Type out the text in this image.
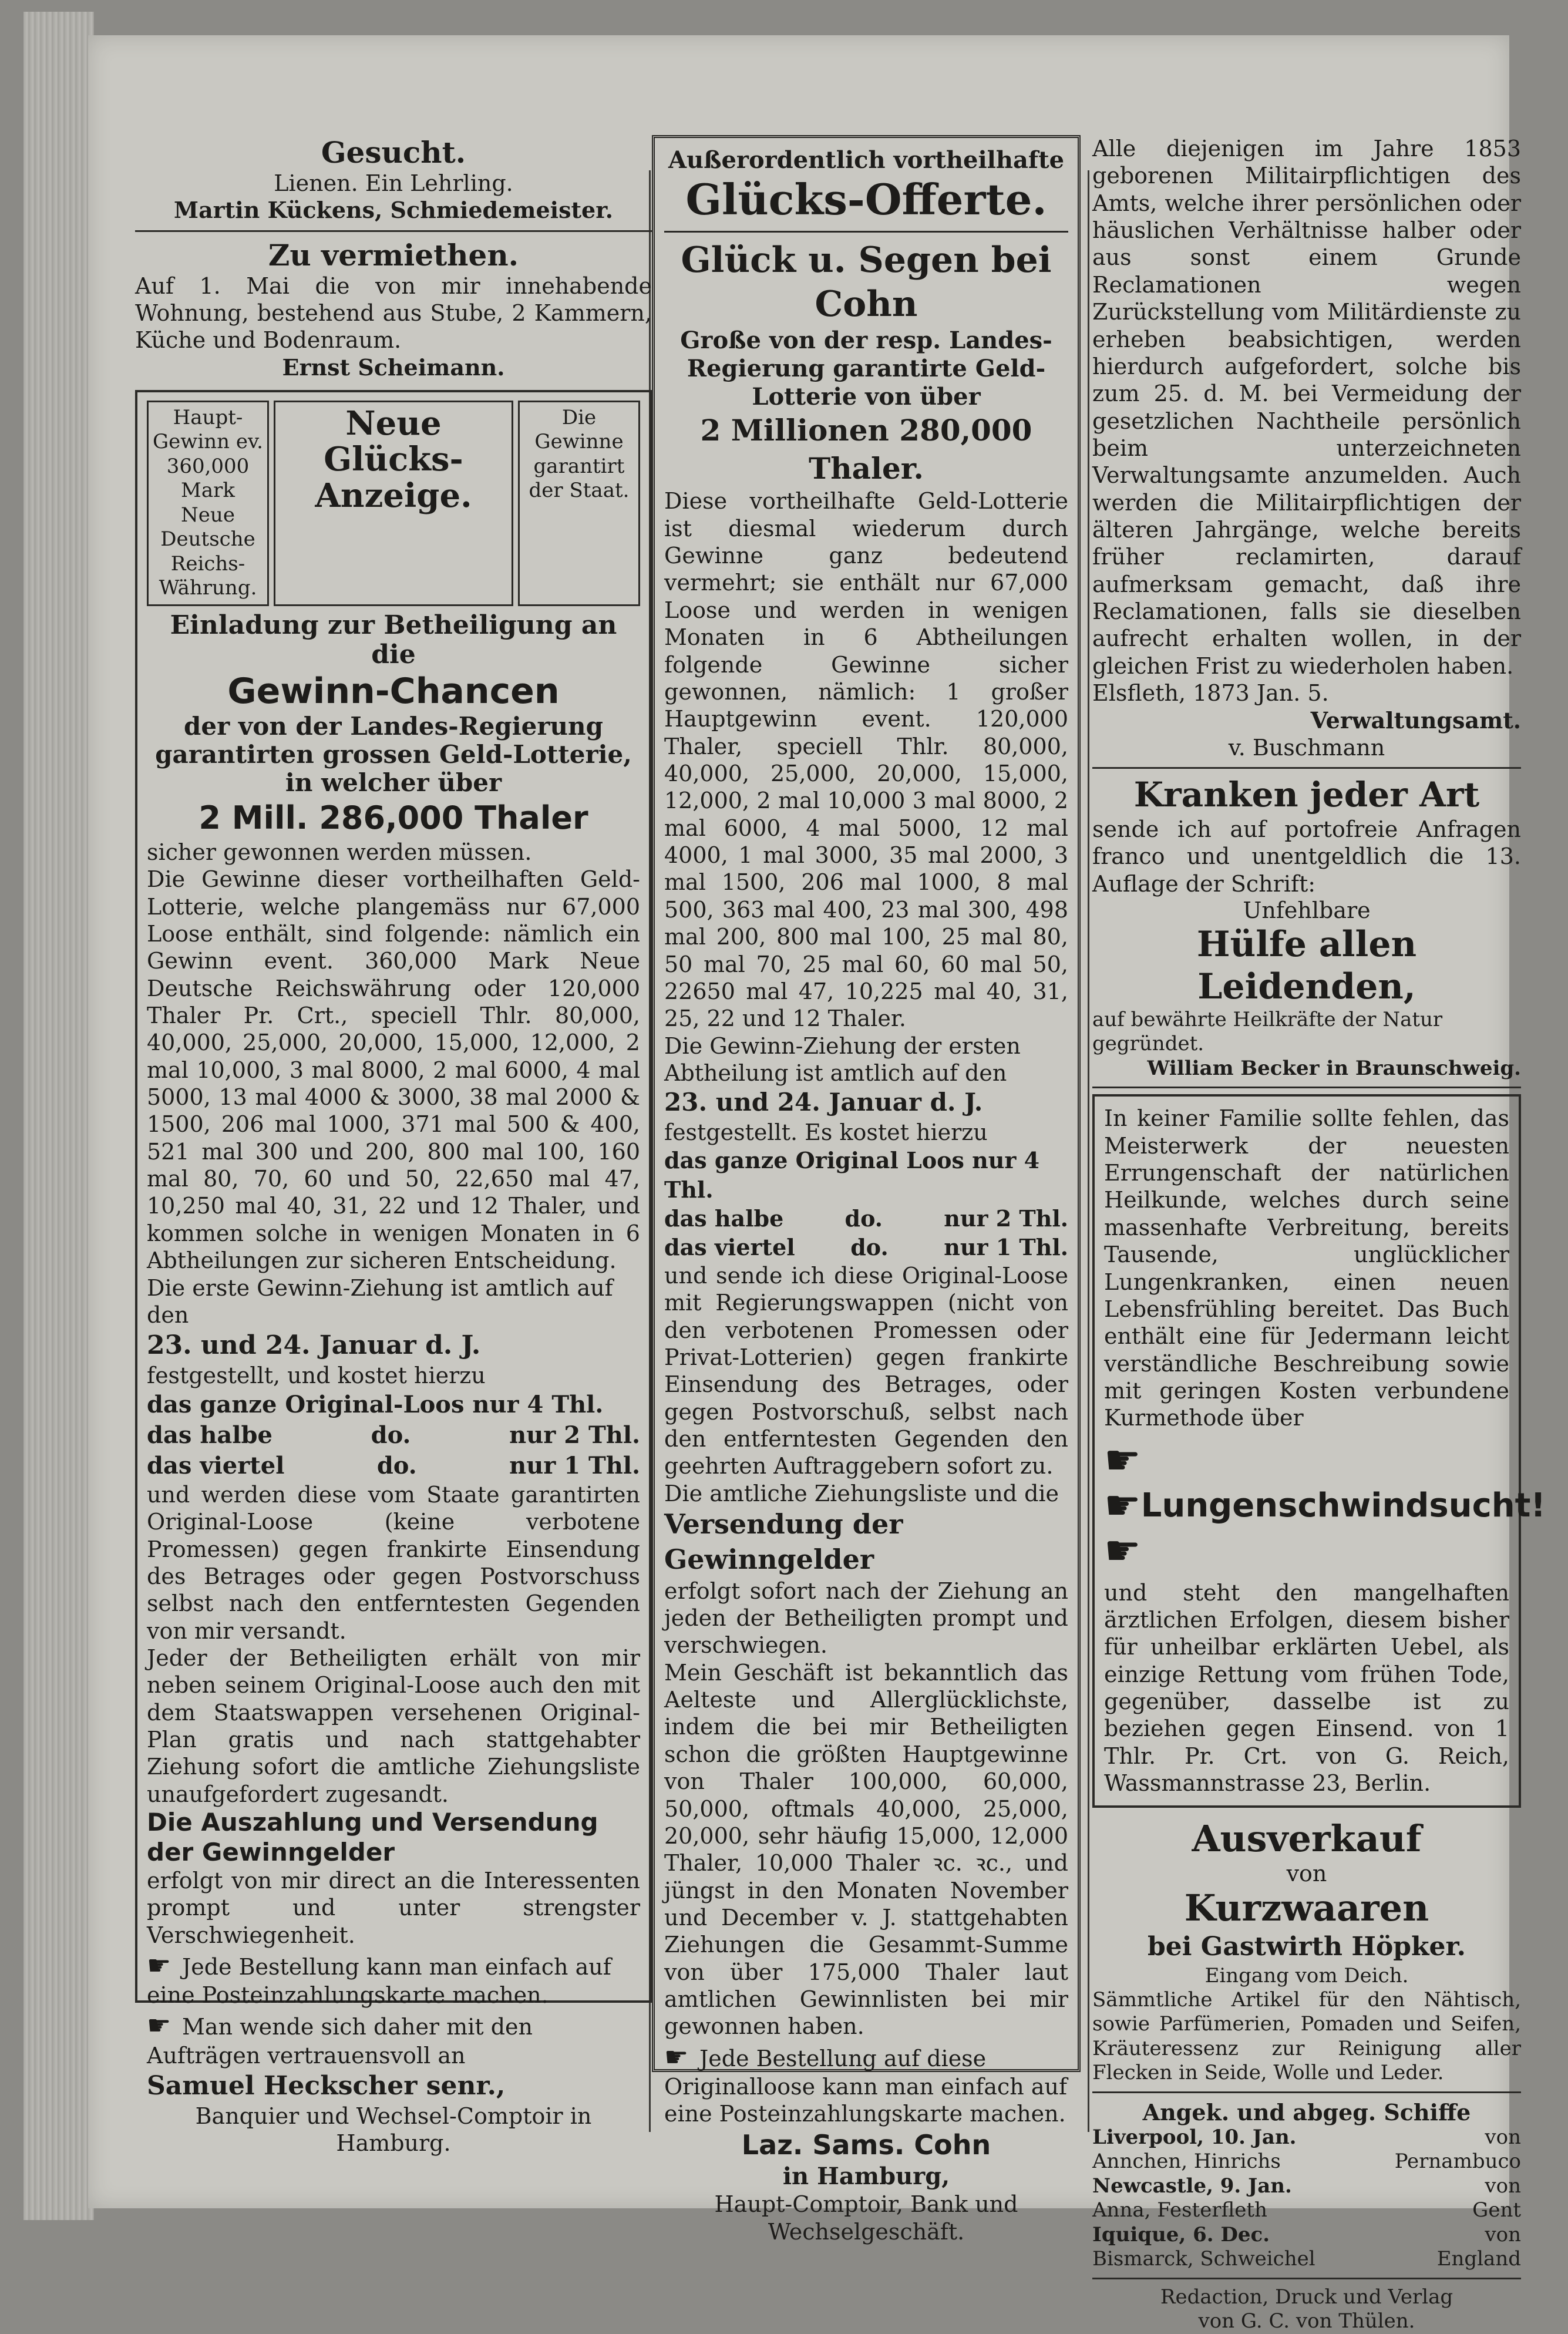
Gesucht.
Lienen. Ein Lehrling.
Martin Kückens, Schmiedemeister.
Zu vermiethen.
Auf 1. Mai die von mir innehabende Wohnung, bestehend aus Stube, 2 Kammern, Küche und Bodenraum.
Ernst Scheimann.
Haupt-Gewinn ev. 360,000 Mark Neue Deutsche Reichs-Währung.
Neue Glücks-Anzeige.
Die Gewinne garantirt der Staat.
Einladung zur Betheiligung an die
Gewinn-Chancen
der von der Landes-Regierung garantirten grossen Geld-Lotterie, in welcher über
2 Mill. 286,000 Thaler
sicher gewonnen werden müssen.
Die Gewinne dieser vortheilhaften Geld-Lotterie, welche plangemäss nur 67,000 Loose enthält, sind folgende: nämlich ein Gewinn event. 360,000 Mark Neue Deutsche Reichswährung oder 120,000 Thaler Pr. Crt., speciell Thlr. 80,000, 40,000, 25,000, 20,000, 15,000, 12,000, 2 mal 10,000, 3 mal 8000, 2 mal 6000, 4 mal 5000, 13 mal 4000 & 3000, 38 mal 2000 & 1500, 206 mal 1000, 371 mal 500 & 400, 521 mal 300 und 200, 800 mal 100, 160 mal 80, 70, 60 und 50, 22,650 mal 47, 10,250 mal 40, 31, 22 und 12 Thaler, und kommen solche in wenigen Monaten in 6 Abtheilungen zur sicheren Entscheidung.
Die erste Gewinn-Ziehung ist amtlich auf den
23. und 24. Januar d. J.
festgestellt, und kostet hierzu
das ganze Original-Loos nur 4 Thl.
das halbe	do.	nur 2 Thl.
das viertel	do.	nur 1 Thl.
und werden diese vom Staate garantirten Original-Loose (keine verbotene Promessen) gegen frankirte Einsendung des Betrages oder gegen Postvorschuss selbst nach den entferntesten Gegenden von mir versandt.
Jeder der Betheiligten erhält von mir neben seinem Original-Loose auch den mit dem Staatswappen versehenen Original-Plan gratis und nach stattgehabter Ziehung sofort die amtliche Ziehungsliste unaufgefordert zugesandt.
Die Auszahlung und Versendung der Gewinngelder
erfolgt von mir direct an die Interessenten prompt und unter strengster Verschwiegenheit.
☛ Jede Bestellung kann man einfach auf eine Posteinzahlungskarte machen.
☛ Man wende sich daher mit den Aufträgen vertrauensvoll an
Samuel Heckscher senr.,
Banquier und Wechsel-Comptoir in Hamburg.
Außerordentlich vortheilhafte
Glücks-Offerte.
Glück u. Segen bei Cohn
Große von der resp. Landes-Regierung garantirte Geld-Lotterie von über
2 Millionen 280,000 Thaler.
Diese vortheilhafte Geld-Lotterie ist diesmal wiederum durch Gewinne ganz bedeutend vermehrt; sie enthält nur 67,000 Loose und werden in wenigen Monaten in 6 Abtheilungen folgende Gewinne sicher gewonnen, nämlich: 1 großer Hauptgewinn event. 120,000 Thaler, speciell Thlr. 80,000, 40,000, 25,000, 20,000, 15,000, 12,000, 2 mal 10,000 3 mal 8000, 2 mal 6000, 4 mal 5000, 12 mal 4000, 1 mal 3000, 35 mal 2000, 3 mal 1500, 206 mal 1000, 8 mal 500, 363 mal 400, 23 mal 300, 498 mal 200, 800 mal 100, 25 mal 80, 50 mal 70, 25 mal 60, 60 mal 50, 22650 mal 47, 10,225 mal 40, 31, 25, 22 und 12 Thaler.
Die Gewinn-Ziehung der ersten Abtheilung ist amtlich auf den
23. und 24. Januar d. J.
festgestellt. Es kostet hierzu
das ganze Original Loos nur 4 Thl.
das halbe	do.	nur 2 Thl.
das viertel do. nur 1 Thl.
und sende ich diese Original-Loose mit Regierungswappen (nicht von den verbotenen Promessen oder Privat-Lotterien) gegen frankirte Einsendung des Betrages, oder gegen Postvorschuß, selbst nach den entferntesten Gegenden den geehrten Auftraggebern sofort zu.
Die amtliche Ziehungsliste und die
Versendung der Gewinngelder
erfolgt sofort nach der Ziehung an jeden der Betheiligten prompt und verschwiegen.
Mein Geschäft ist bekanntlich das Aelteste und Allerglücklichste, indem die bei mir Betheiligten schon die größten Hauptgewinne von Thaler 100,000, 60,000, 50,000, oftmals 40,000, 25,000, 20,000, sehr häufig 15,000, 12,000 Thaler, 10,000 Thaler ꝛc. ꝛc., und jüngst in den Monaten November und December v. J. stattgehabten Ziehungen die Gesammt-Summe von über 175,000 Thaler laut amtlichen Gewinnlisten bei mir gewonnen haben.
☛ Jede Bestellung auf diese Originalloose kann man einfach auf eine Posteinzahlungskarte machen.
Laz. Sams. Cohn
in Hamburg,
Haupt-Comptoir, Bank und Wechselgeschäft.
Alle diejenigen im Jahre 1853 geborenen Militairpflichtigen des Amts, welche ihrer persönlichen oder häuslichen Verhältnisse halber oder aus sonst einem Grunde Reclamationen wegen Zurückstellung vom Militärdienste zu erheben beabsichtigen, werden hierdurch aufgefordert, solche bis zum 25. d. M. bei Vermeidung der gesetzlichen Nachtheile persönlich beim unterzeichneten Verwaltungsamte anzumelden. Auch werden die Militairpflichtigen der älteren Jahrgänge, welche bereits früher reclamirten, darauf aufmerksam gemacht, daß ihre Reclamationen, falls sie dieselben aufrecht erhalten wollen, in der gleichen Frist zu wiederholen haben.
Elsfleth, 1873 Jan. 5.
Verwaltungsamt.
v. Buschmann
Kranken jeder Art
sende ich auf portofreie Anfragen franco und unentgeldlich die 13. Auflage der Schrift:
Unfehlbare
Hülfe allen Leidenden,
auf bewährte Heilkräfte der Natur gegründet.
William Becker in Braunschweig.
In keiner Familie sollte fehlen, das Meisterwerk der neuesten Errungenschaft der natürlichen Heilkunde, welches durch seine massenhafte Verbreitung, bereits Tausende, unglücklicher Lungenkranken, einen neuen Lebensfrühling bereitet. Das Buch enthält eine für Jedermann leicht verständliche Beschreibung sowie mit geringen Kosten verbundene Kurmethode über
☛
☛
☛
Lungenschwindsucht!
und steht den mangelhaften ärztlichen Erfolgen, diesem bisher für unheilbar erklärten Uebel, als einzige Rettung vom frühen Tode, gegenüber, dasselbe ist zu beziehen gegen Einsend. von 1 Thlr. Pr. Crt. von G. Reich, Wassmannstrasse 23, Berlin.
Ausverkauf
von
Kurzwaaren
bei Gastwirth Höpker.
Eingang vom Deich.
Sämmtliche Artikel für den Nähtisch, sowie Parfümerien, Pomaden und Seifen, Kräuteressenz zur Reinigung aller Flecken in Seide, Wolle und Leder.
Angek. und abgeg. Schiffe
Liverpool, 10. Jan.	von
Annchen, Hinrichs	Pernambuco
Newcastle, 9. Jan.	von
Anna, Festerfleth	Gent
Iquique, 6. Dec.	von
Bismarck, Schweichel	England
Redaction, Druck und Verlag
von G. C. von Thülen.
